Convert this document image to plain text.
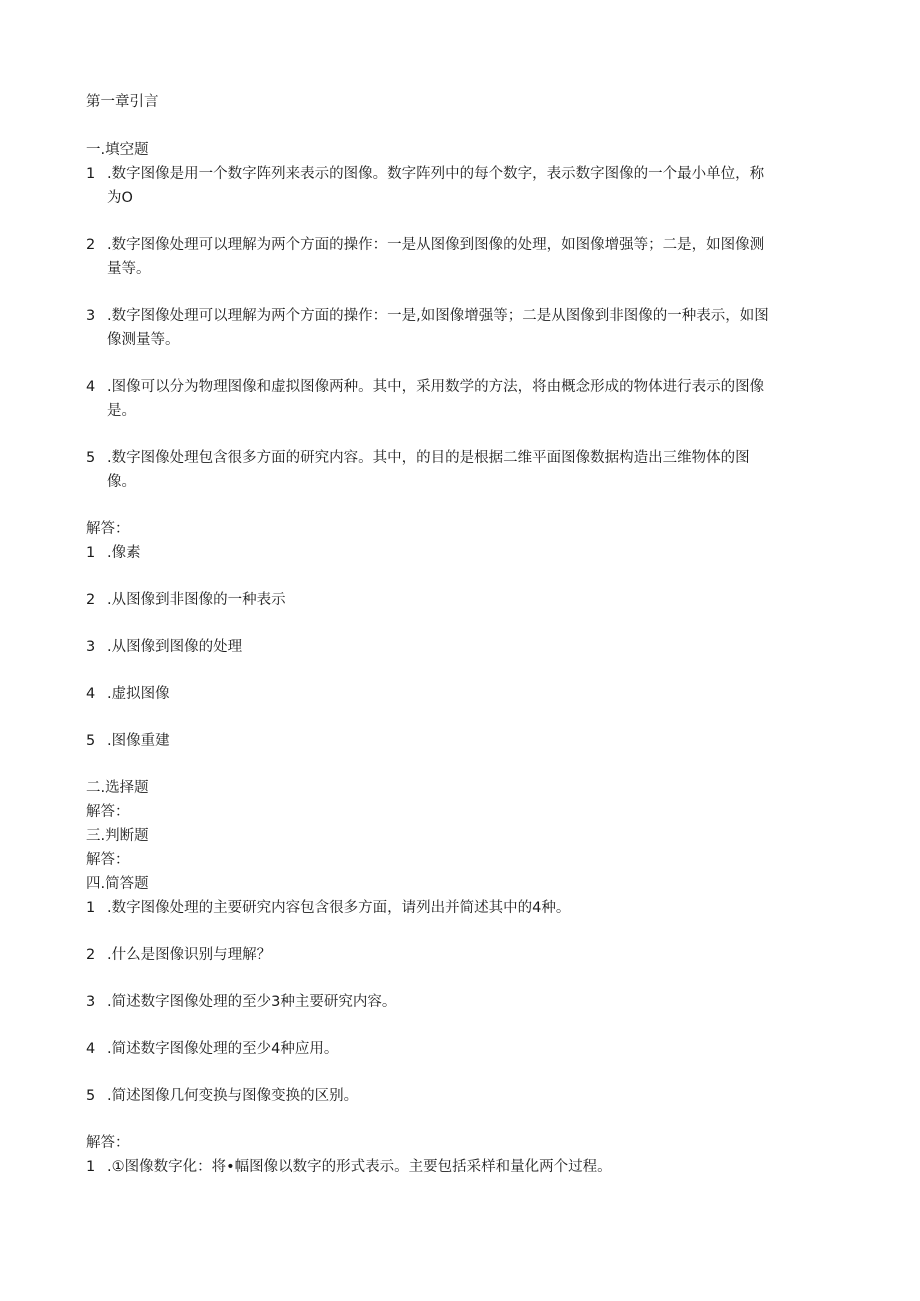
第一章引言

一.填空题

1 .数字图像是用一个数字阵列来表示的图像。数字阵列中的每个数字，表示数字图像的一个最小单位，称为O
2 .数字图像处理可以理解为两个方面的操作：一是从图像到图像的处理，如图像增强等；二是，如图像测量等。
3 .数字图像处理可以理解为两个方面的操作：一是,如图像增强等；二是从图像到非图像的一种表示，如图像测量等。
4 .图像可以分为物理图像和虚拟图像两种。其中，采用数学的方法，将由概念形成的物体进行表示的图像是。
5 .数字图像处理包含很多方面的研究内容。其中，的目的是根据二维平面图像数据构造出三维物体的图像。

解答：

1 .像素
2 .从图像到非图像的一种表示
3 .从图像到图像的处理
4 .虚拟图像
5 .图像重建

二.选择题

解答：

三.判断题

解答：

四.简答题

1 .数字图像处理的主要研究内容包含很多方面，请列出并简述其中的4种。
2 .什么是图像识别与理解？
3 .简述数字图像处理的至少3种主要研究内容。
4 .简述数字图像处理的至少4种应用。
5 .简述图像几何变换与图像变换的区别。

解答：

1 .①图像数字化：将•幅图像以数字的形式表示。主要包括采样和量化两个过程。
